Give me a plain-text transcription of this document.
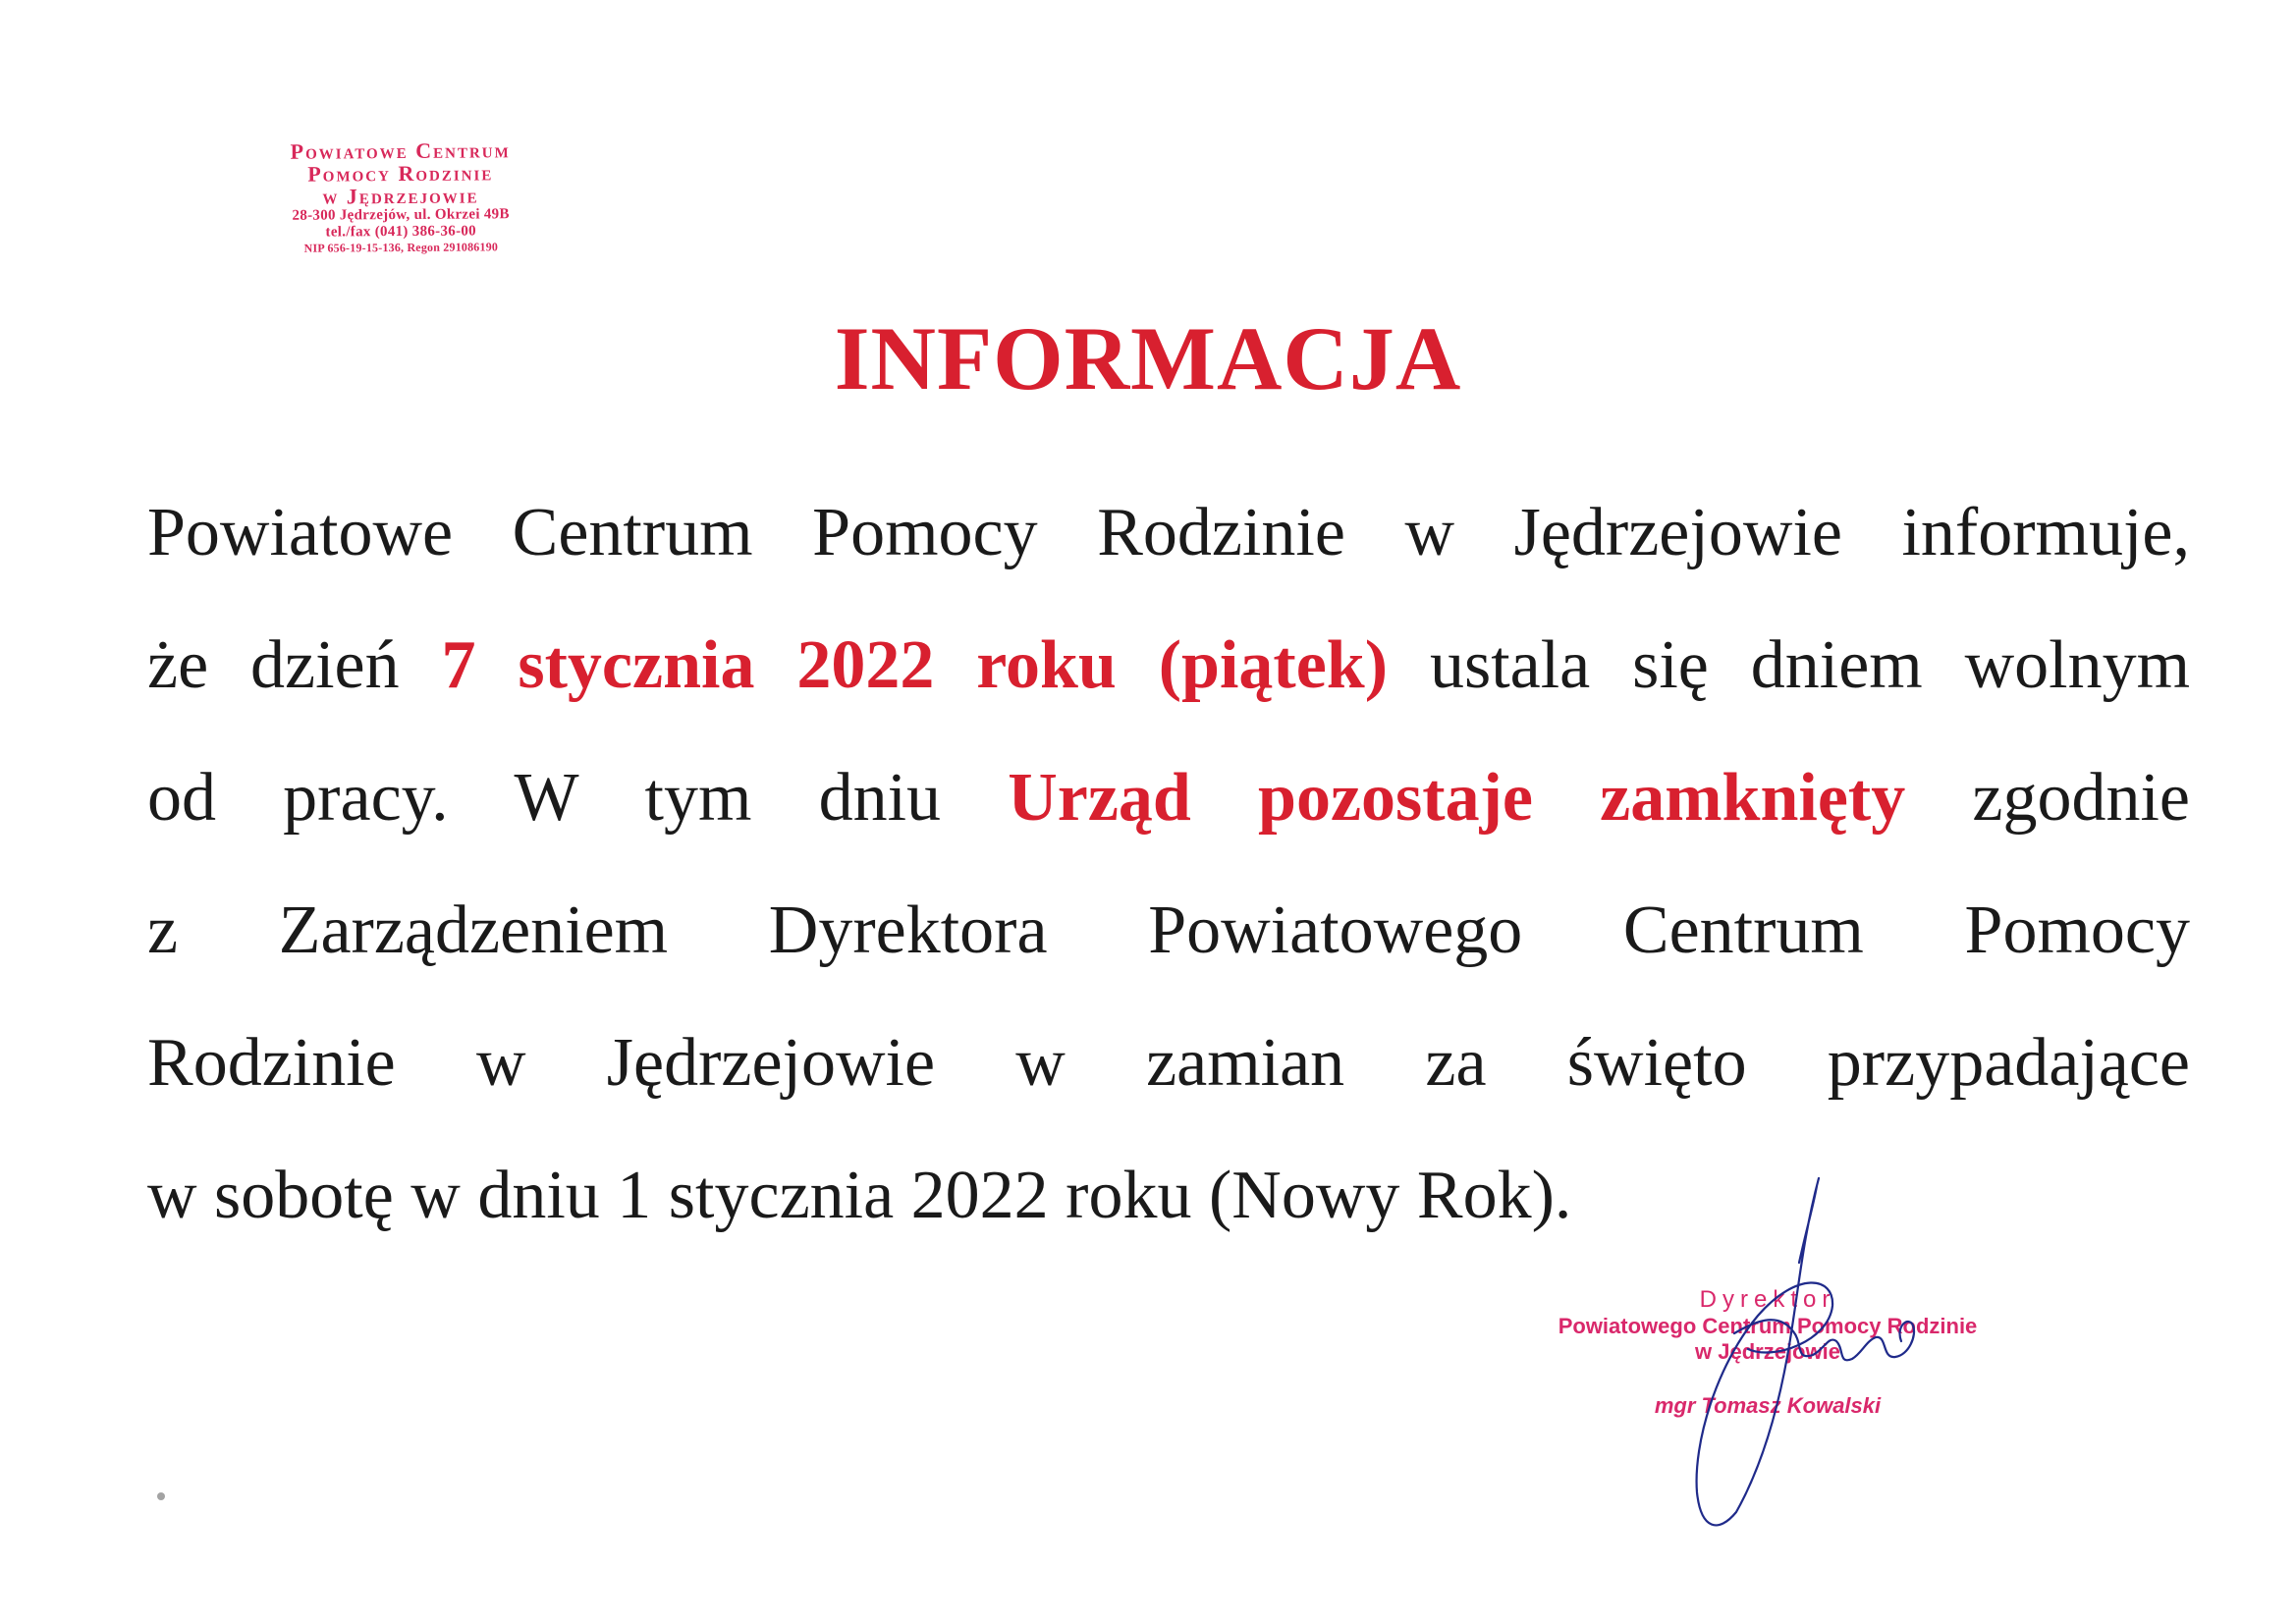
Powiatowe Centrum
Pomocy Rodzinie
w Jędrzejowie
28-300 Jędrzejów, ul. Okrzei 49B
tel./fax (041) 386-36-00
NIP 656-19-15-136, Regon 291086190
INFORMACJA
Powiatowe Centrum Pomocy Rodzinie w Jędrzejowie informuje,
że dzień 7 stycznia 2022 roku (piątek) ustala się dniem wolnym
od pracy. W tym dniu Urząd pozostaje zamknięty zgodnie
z Zarządzeniem Dyrektora Powiatowego Centrum Pomocy
Rodzinie w Jędrzejowie w zamian za święto przypadające
w sobotę w dniu 1 stycznia 2022 roku (Nowy Rok).
Dyrektor
Powiatowego Centrum Pomocy Rodzinie
w Jędrzejowie
mgr Tomasz Kowalski
